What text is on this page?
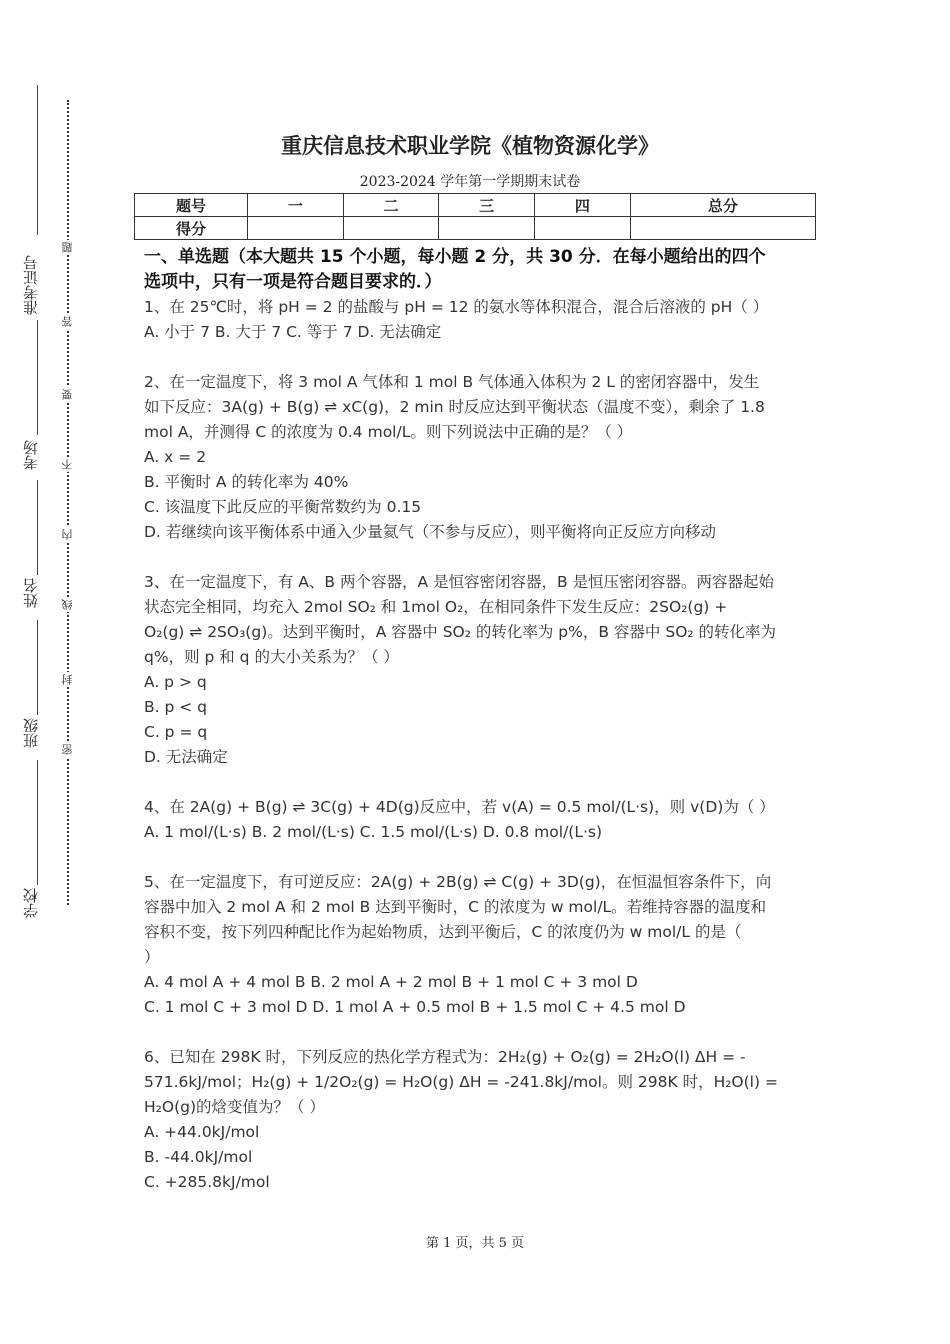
准考证号
考场
姓名
班级
学校
题
答
要
不
内
线
封
密
重庆信息技术职业学院《植物资源化学》
2023-2024 学年第一学期期末试卷
题号	一	二	三	四	总分
得分					
一、单选题（本大题共 15 个小题，每小题 2 分，共 30 分．在每小题给出的四个
选项中，只有一项是符合题目要求的．）
1、在 25℃时，将 pH = 2 的盐酸与 pH = 12 的氨水等体积混合，混合后溶液的 pH（ ）
A. 小于 7 B. 大于 7 C. 等于 7 D. 无法确定
2、在一定温度下，将 3 mol A 气体和 1 mol B 气体通入体积为 2 L 的密闭容器中，发生
如下反应：3A(g) + B(g) ⇌ xC(g)，2 min 时反应达到平衡状态（温度不变），剩余了 1.8
mol A，并测得 C 的浓度为 0.4 mol/L。则下列说法中正确的是？（ ）
A. x = 2
B. 平衡时 A 的转化率为 40%
C. 该温度下此反应的平衡常数约为 0.15
D. 若继续向该平衡体系中通入少量氦气（不参与反应），则平衡将向正反应方向移动
3、在一定温度下，有 A、B 两个容器，A 是恒容密闭容器，B 是恒压密闭容器。两容器起始
状态完全相同，均充入 2mol SO₂ 和 1mol O₂，在相同条件下发生反应：2SO₂(g) +
O₂(g) ⇌ 2SO₃(g)。达到平衡时，A 容器中 SO₂ 的转化率为 p%，B 容器中 SO₂ 的转化率为
q%，则 p 和 q 的大小关系为？（ ）
A. p > q
B. p < q
C. p = q
D. 无法确定
4、在 2A(g) + B(g) ⇌ 3C(g) + 4D(g)反应中，若 v(A) = 0.5 mol/(L·s)，则 v(D)为（ ）
A. 1 mol/(L·s) B. 2 mol/(L·s) C. 1.5 mol/(L·s) D. 0.8 mol/(L·s)
5、在一定温度下，有可逆反应：2A(g) + 2B(g) ⇌ C(g) + 3D(g)，在恒温恒容条件下，向
容器中加入 2 mol A 和 2 mol B 达到平衡时，C 的浓度为 w mol/L。若维持容器的温度和
容积不变，按下列四种配比作为起始物质，达到平衡后，C 的浓度仍为 w mol/L 的是（
）
A. 4 mol A + 4 mol B B. 2 mol A + 2 mol B + 1 mol C + 3 mol D
C. 1 mol C + 3 mol D D. 1 mol A + 0.5 mol B + 1.5 mol C + 4.5 mol D
6、已知在 298K 时，下列反应的热化学方程式为：2H₂(g) + O₂(g) = 2H₂O(l) ΔH = -
571.6kJ/mol；H₂(g) + 1/2O₂(g) = H₂O(g) ΔH = -241.8kJ/mol。则 298K 时，H₂O(l) =
H₂O(g)的焓变值为？（ ）
A. +44.0kJ/mol
B. -44.0kJ/mol
C. +285.8kJ/mol
第 1 页，共 5 页
